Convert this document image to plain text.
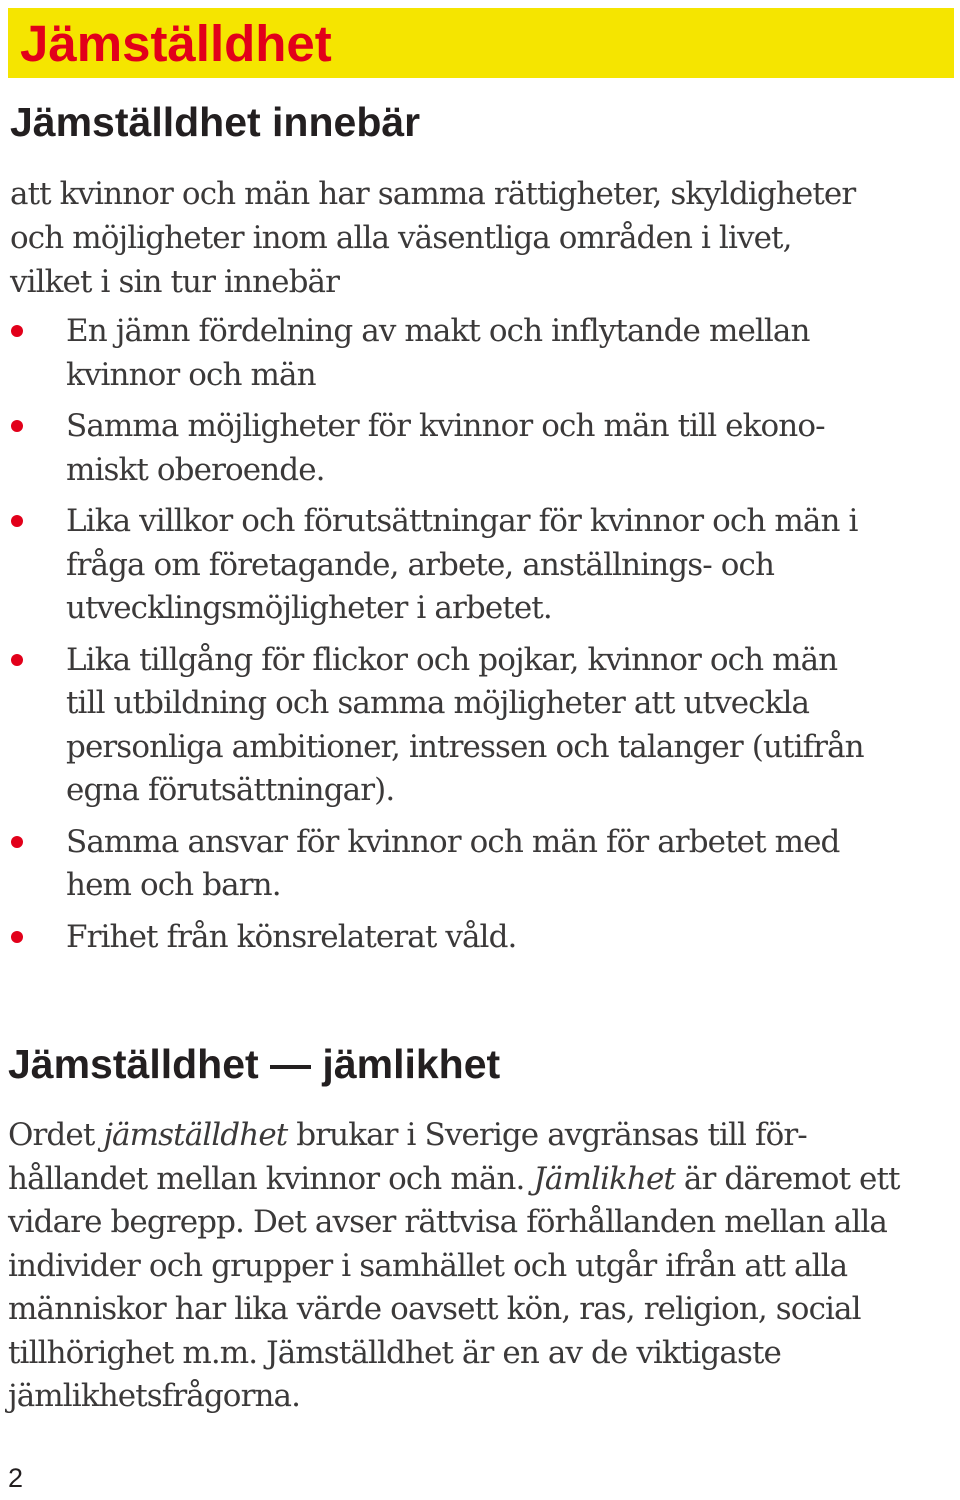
Jämställdhet
Jämställdhet innebär

att kvinnor och män har samma rättigheter, skyldigheter
och möjligheter inom alla väsentliga områden i livet,
vilket i sin tur innebär

En jämn fördelning av makt och inflytande mellan
kvinnor och män
Samma möjligheter för kvinnor och män till ekono-
miskt oberoende.
Lika villkor och förutsättningar för kvinnor och män i
fråga om företagande, arbete, anställnings- och
utvecklingsmöjligheter i arbetet.
Lika tillgång för flickor och pojkar, kvinnor och män
till utbildning och samma möjligheter att utveckla
personliga ambitioner, intressen och talanger (utifrån
egna förutsättningar).
Samma ansvar för kvinnor och män för arbetet med
hem och barn.
Frihet från könsrelaterat våld.
Jämställdhet — jämlikhet

Ordet jämställdhet brukar i Sverige avgränsas till för-
hållandet mellan kvinnor och män. Jämlikhet är däremot ett
vidare begrepp. Det avser rättvisa förhållanden mellan alla
individer och grupper i samhället och utgår ifrån att alla
människor har lika värde oavsett kön, ras, religion, social
tillhörighet m.m. Jämställdhet är en av de viktigaste
jämlikhetsfrågorna.

2
